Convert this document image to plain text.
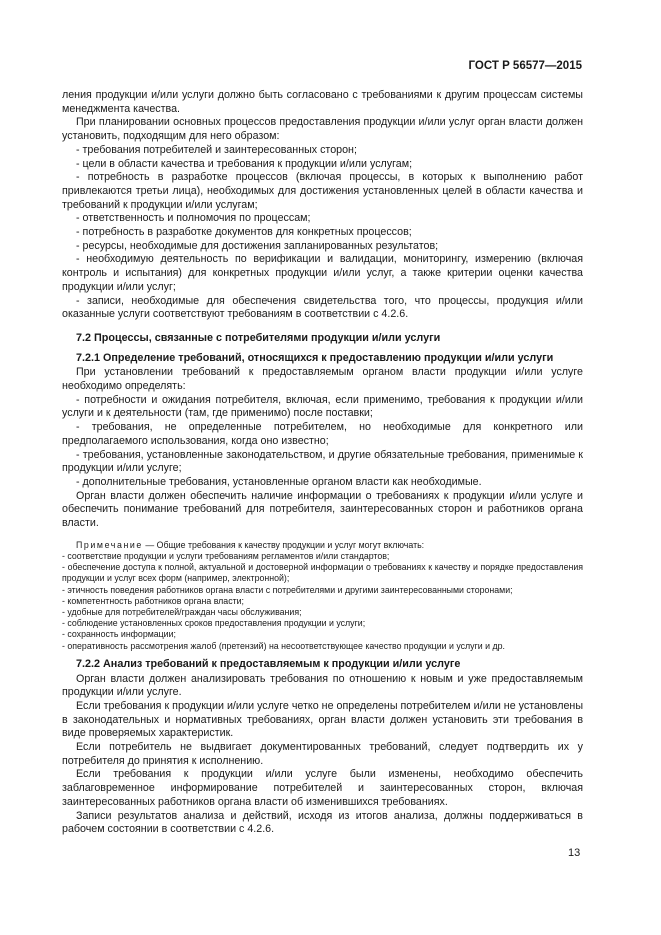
ГОСТ Р 56577—2015

ления продукции и/или услуги должно быть согласовано с требованиями к другим процессам системы менеджмента качества.

При планировании основных процессов предоставления продукции и/или услуг орган власти должен установить, подходящим для него образом:

- требования потребителей и заинтересованных сторон;

- цели в области качества и требования к продукции и/или услугам;

- потребность в разработке процессов (включая процессы, в которых к выполнению работ привлекаются третьи лица), необходимых для достижения установленных целей в области качества и требований к продукции и/или услугам;

- ответственность и полномочия по процессам;

- потребность в разработке документов для конкретных процессов;

- ресурсы, необходимые для достижения запланированных результатов;

- необходимую деятельность по верификации и валидации, мониторингу, измерению (включая контроль и испытания) для конкретных продукции и/или услуг, а также критерии оценки качества продукции и/или услуг;

- записи, необходимые для обеспечения свидетельства того, что процессы, продукция и/или оказанные услуги соответствуют требованиям в соответствии с 4.2.6.

7.2 Процессы, связанные с потребителями продукции и/или услуги
7.2.1 Определение требований, относящихся к предоставлению продукции и/или услуги

При установлении требований к предоставляемым органом власти продукции и/или услуге необходимо определять:

- потребности и ожидания потребителя, включая, если применимо, требования к продукции и/или услуги и к деятельности (там, где применимо) после поставки;

- требования, не определенные потребителем, но необходимые для конкретного или предполагаемого использования, когда оно известно;

- требования, установленные законодательством, и другие обязательные требования, применимые к продукции и/или услуге;

- дополнительные требования, установленные органом власти как необходимые.

Орган власти должен обеспечить наличие информации о требованиях к продукции и/или услуге и обеспечить понимание требований для потребителя, заинтересованных сторон и работников органа власти.

Примечание — Общие требования к качеству продукции и услуг могут включать:

- соответствие продукции и услуги требованиям регламентов и/или стандартов;

- обеспечение доступа к полной, актуальной и достоверной информации о требованиях к качеству и порядке предоставления продукции и услуг всех форм (например, электронной);

- этичность поведения работников органа власти с потребителями и другими заинтересованными сторонами;

- компетентность работников органа власти;

- удобные для потребителей/граждан часы обслуживания;

- соблюдение установленных сроков предоставления продукции и услуги;

- сохранность информации;

- оперативность рассмотрения жалоб (претензий) на несоответствующее качество продукции и услуги и др.

7.2.2 Анализ требований к предоставляемым к продукции и/или услуге

Орган власти должен анализировать требования по отношению к новым и уже предоставляемым продукции и/или услуге.

Если требования к продукции и/или услуге четко не определены потребителем и/или не установлены в законодательных и нормативных требованиях, орган власти должен установить эти требования в виде проверяемых характеристик.

Если потребитель не выдвигает документированных требований, следует подтвердить их у потребителя до принятия к исполнению.

Если требования к продукции и/или услуге были изменены, необходимо обеспечить заблаговременное информирование потребителей и заинтересованных сторон, включая заинтересованных работников органа власти об изменившихся требованиях.

Записи результатов анализа и действий, исходя из итогов анализа, должны поддерживаться в рабочем состоянии в соответствии с 4.2.6.

13
